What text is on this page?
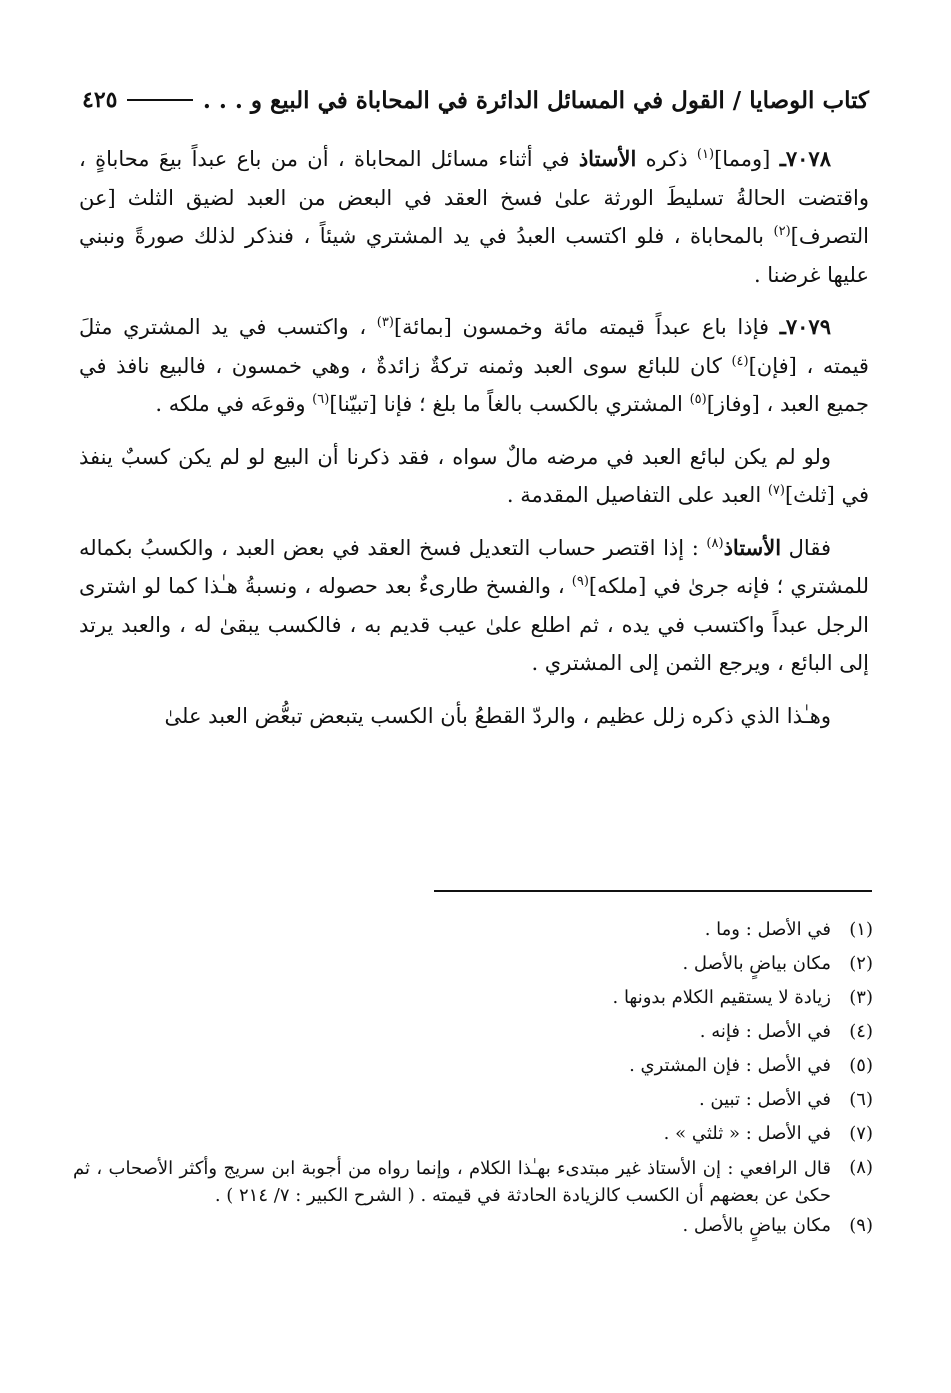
كتاب الوصايا / القول في المسائل الدائرة في المحاباة في البيع و . . .
٤٢٥

٧٠٧٨ـ [ومما]$^{(١)}$ ذكره الأستاذ في أثناء مسائل المحاباة ، أن من باع عبداً بيعَ محاباةٍ ، واقتضت الحالةُ تسليطَ الورثة علىٰ فسخ العقد في البعض من العبد لضيق الثلث [عن التصرف]$^{(٢)}$ بالمحاباة ، فلو اكتسب العبدُ في يد المشتري شيئاً ، فنذكر لذلك صورةً ونبني عليها غرضنا .

٧٠٧٩ـ فإذا باع عبداً قيمته مائة وخمسون [بمائة]$^{(٣)}$ ، واكتسب في يد المشتري مثلَ قيمته ، [فإن]$^{(٤)}$ كان للبائع سوى العبد وثمنه تركةٌ زائدةٌ ، وهي خمسون ، فالبيع نافذ في جميع العبد ، [وفاز]$^{(٥)}$ المشتري بالكسب بالغاً ما بلغ ؛ فإنا [تبيّنا]$^{(٦)}$ وقوعَه في ملكه .

ولو لم يكن لبائع العبد في مرضه مالٌ سواه ، فقد ذكرنا أن البيع لو لم يكن كسبٌ ينفذ في [ثلث]$^{(٧)}$ العبد على التفاصيل المقدمة .

فقال الأستاذ$^{(٨)}$ : إذا اقتصر حساب التعديل فسخ العقد في بعض العبد ، والكسبُ بكماله للمشتري ؛ فإنه جرىٰ في [ملكه]$^{(٩)}$ ، والفسخ طارىءٌ بعد حصوله ، ونسبةُ هـٰذا كما لو اشترى الرجل عبداً واكتسب في يده ، ثم اطلع علىٰ عيب قديم به ، فالكسب يبقىٰ له ، والعبد يرتد إلى البائع ، ويرجع الثمن إلى المشتري .

وهـٰذا الذي ذكره زلل عظيم ، والردّ القطعُ بأن الكسب يتبعض تبعُّض العبد علىٰ

(١)
في الأصل : وما .
(٢)
مكان بياضٍ بالأصل .
(٣)
زيادة لا يستقيم الكلام بدونها .
(٤)
في الأصل : فإنه .
(٥)
في الأصل : فإن المشتري .
(٦)
في الأصل : تبين .
(٧)
في الأصل : « ثلثي » .
(٨)
قال الرافعي : إن الأستاذ غير مبتدىء بهـٰذا الكلام ، وإنما رواه من أجوبة ابن سريج وأكثر الأصحاب ، ثم حكىٰ عن بعضهم أن الكسب كالزيادة الحادثة في قيمته . ( الشرح الكبير : ٧/ ٢١٤ ) .
(٩)
مكان بياضٍ بالأصل .
